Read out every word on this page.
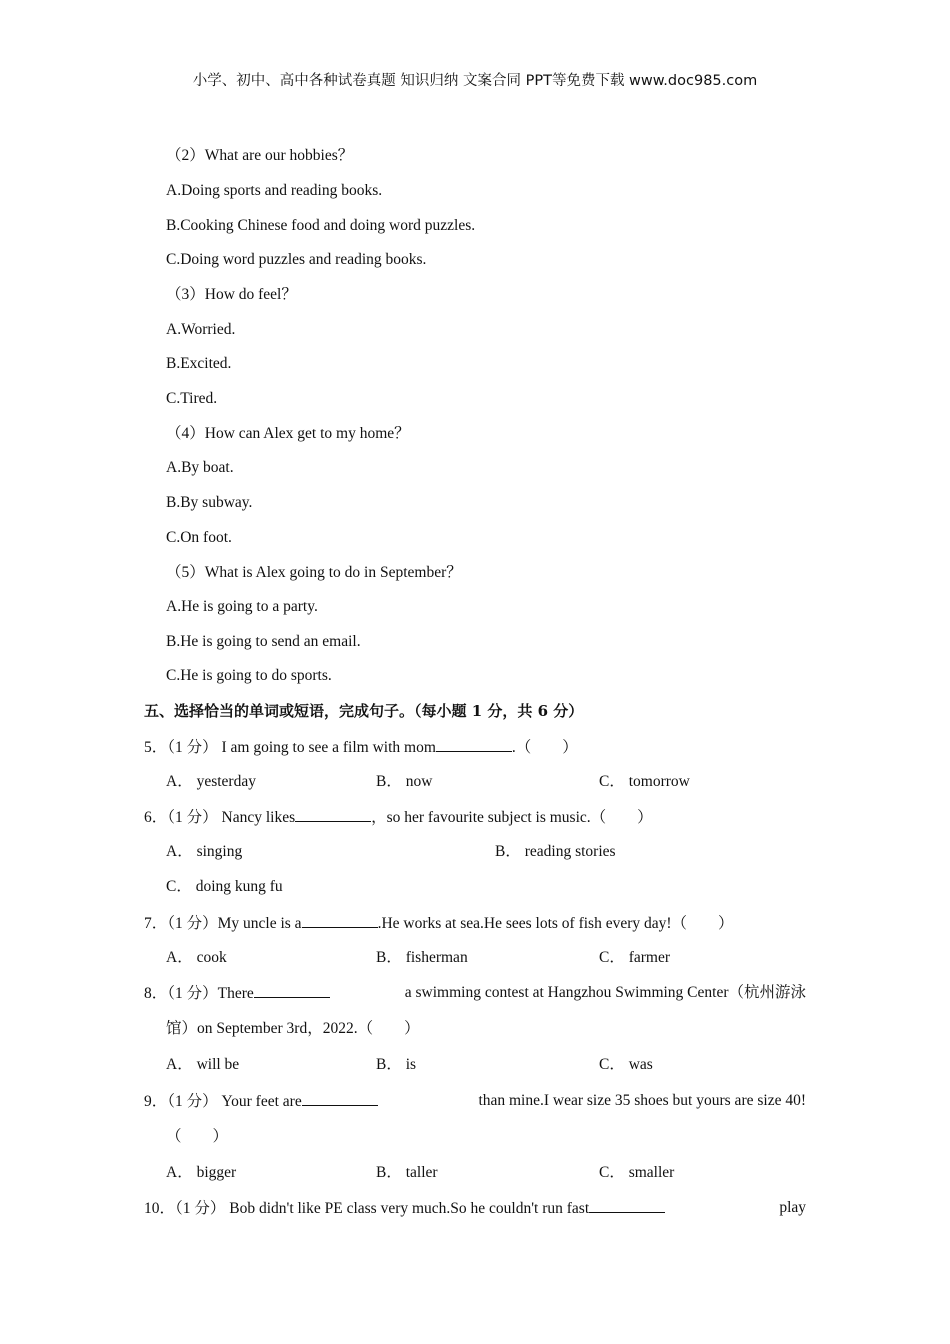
小学、初中、高中各种试卷真题 知识归纳 文案合同 PPT等免费下载 www.doc985.com
（2）What are our hobbies？
A.Doing sports and reading books.
B.Cooking Chinese food and doing word puzzles.
C.Doing word puzzles and reading books.
（3）How do feel？
A.Worried.
B.Excited.
C.Tired.
（4）How can Alex get to my home？
A.By boat.
B.By subway.
C.On foot.
（5）What is Alex going to do in September？
A.He is going to a party.
B.He is going to send an email.
C.He is going to do sports.
五、选择恰当的单词或短语，完成句子。（每小题 1 分，共 6 分）
5．（1 分） I am going to see a film with mom	.（　　）
A． yesterday	B． now	C． tomorrow
6．（1 分） Nancy likes	，so her favourite subject is music.（　　）
A． singing	B． reading stories
C． doing kung fu
7．（1 分）My uncle is a	.He works at sea.He sees lots of fish every day!（　　）
A． cook	B． fisherman	C． farmer
8．（1 分）There	a swimming contest at Hangzhou Swimming Center（杭州游泳
馆）on September 3rd，2022.（　　）
A． will be	B． is	C． was
9．（1 分） Your feet are	than mine.I wear size 35 shoes but yours are size 40!
（　　）
A． bigger	B． taller	C． smaller
10．（1 分） Bob didn't like PE class very much.So he couldn't run fast	play
